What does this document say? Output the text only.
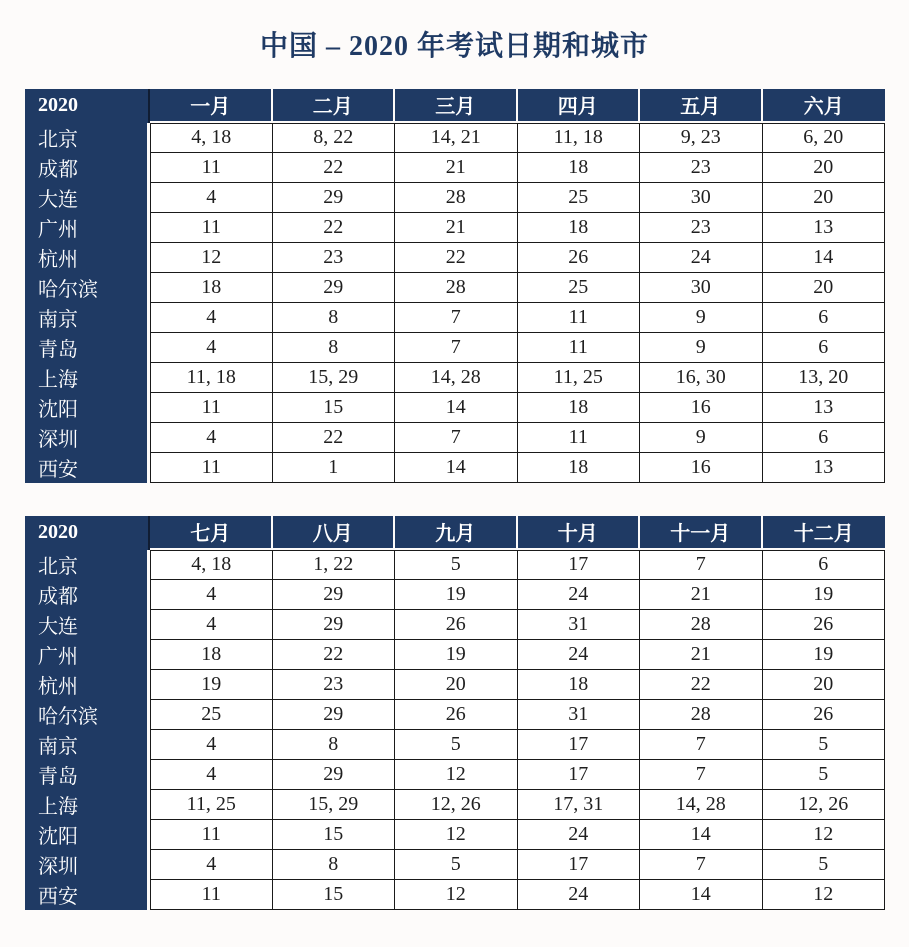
中国 – 2020 年考试日期和城市
2020	一月	二月	三月	四月	五月	六月
北京	4, 18	8, 22	14, 21	11, 18	9, 23	6, 20
成都	11	22	21	18	23	20
大连	4	29	28	25	30	20
广州	11	22	21	18	23	13
杭州	12	23	22	26	24	14
哈尔滨	18	29	28	25	30	20
南京	4	8	7	11	9	6
青岛	4	8	7	11	9	6
上海	11, 18	15, 29	14, 28	11, 25	16, 30	13, 20
沈阳	11	15	14	18	16	13
深圳	4	22	7	11	9	6
西安	11	1	14	18	16	13
2020	七月	八月	九月	十月	十一月	十二月
北京	4, 18	1, 22	5	17	7	6
成都	4	29	19	24	21	19
大连	4	29	26	31	28	26
广州	18	22	19	24	21	19
杭州	19	23	20	18	22	20
哈尔滨	25	29	26	31	28	26
南京	4	8	5	17	7	5
青岛	4	29	12	17	7	5
上海	11, 25	15, 29	12, 26	17, 31	14, 28	12, 26
沈阳	11	15	12	24	14	12
深圳	4	8	5	17	7	5
西安	11	15	12	24	14	12
